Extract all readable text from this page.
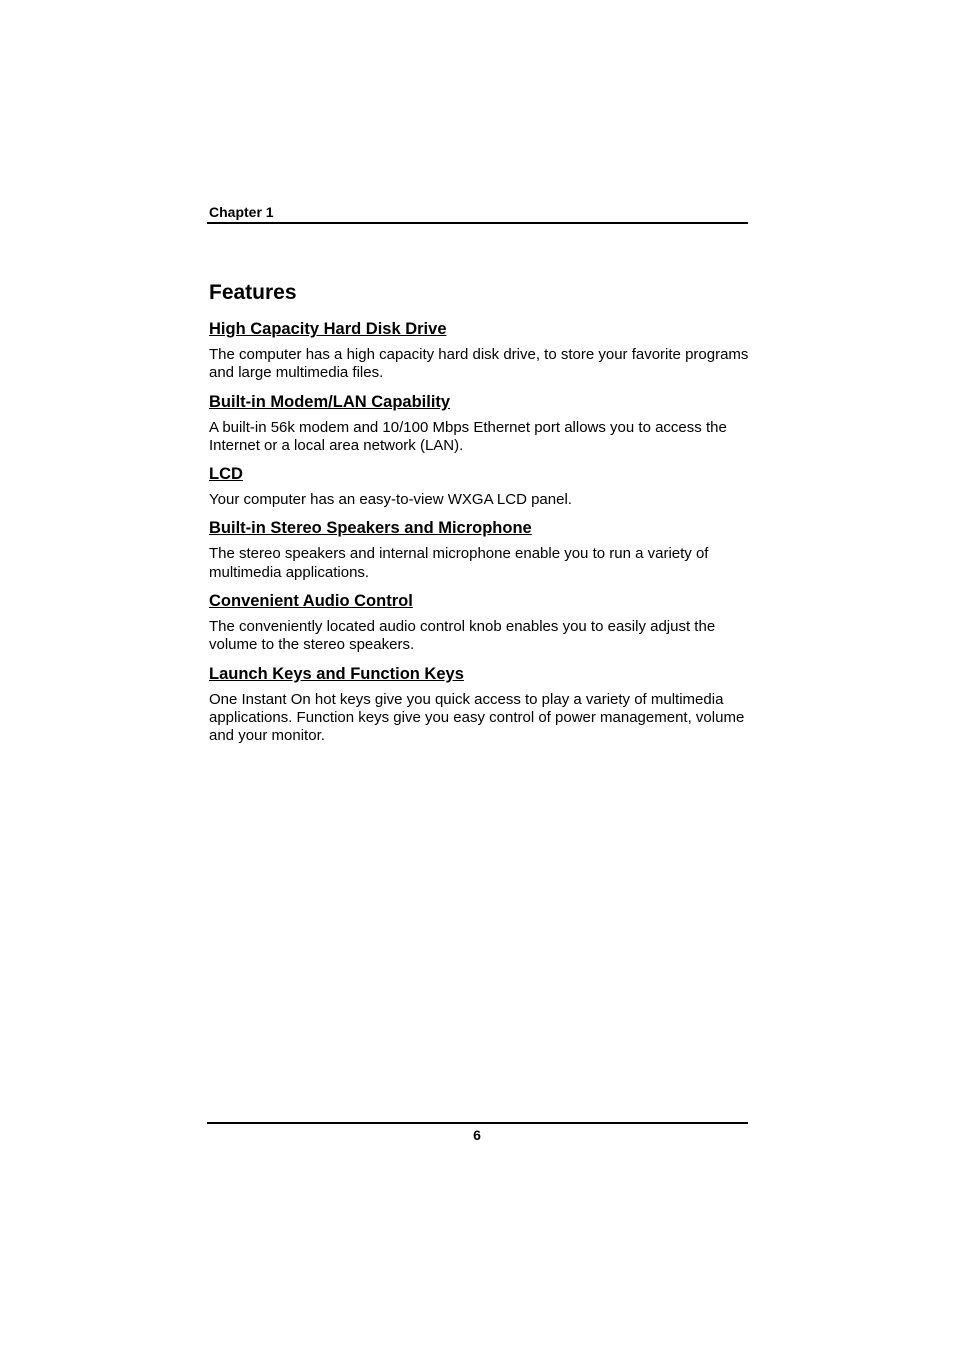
Chapter 1
Features
High Capacity Hard Disk Drive

The computer has a high capacity hard disk drive, to store your favorite programs and large multimedia files.

Built-in Modem/LAN Capability

A built-in 56k modem and 10/100 Mbps Ethernet port allows you to access the Internet or a local area network (LAN).

LCD

Your computer has an easy-to-view WXGA LCD panel.

Built-in Stereo Speakers and Microphone

The stereo speakers and internal microphone enable you to run a variety of multimedia applications.

Convenient Audio Control

The conveniently located audio control knob enables you to easily adjust the volume to the stereo speakers.

Launch Keys and Function Keys

One Instant On hot keys give you quick access to play a variety of multimedia applications. Function keys give you easy control of power management, volume and your monitor.

6
